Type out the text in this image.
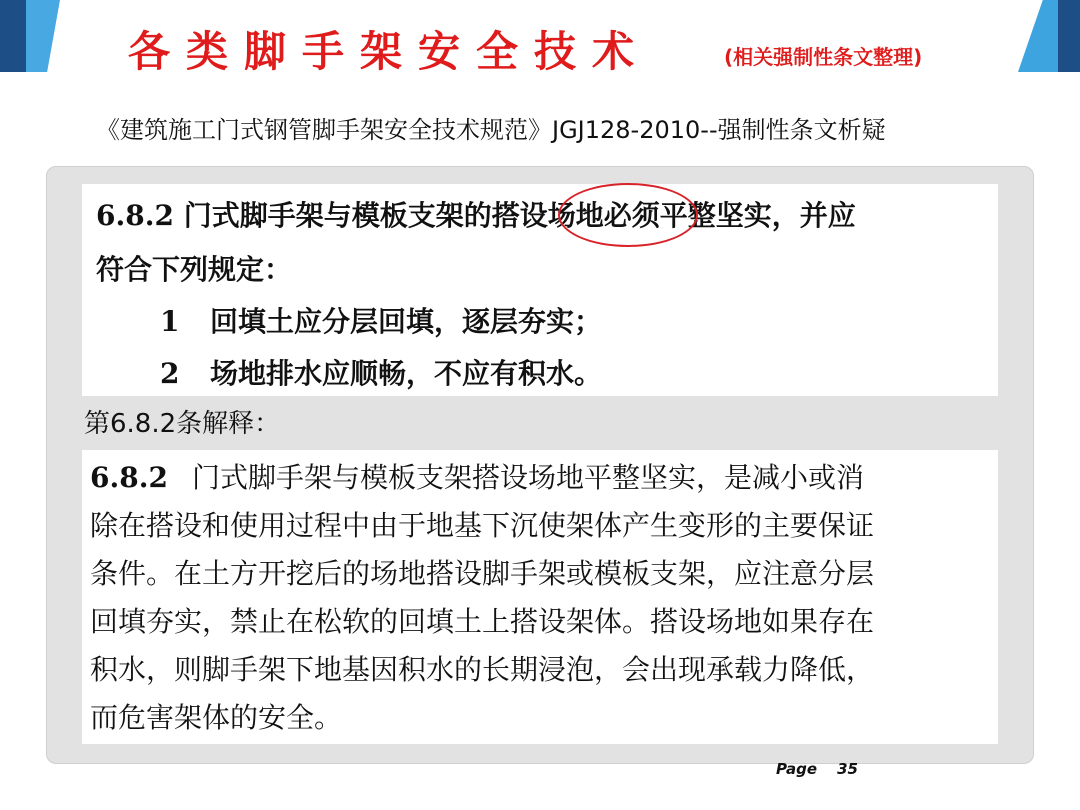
各类脚手架安全技术	(相关强制性条文整理)
《建筑施工门式钢管脚手架安全技术规范》JGJ128-2010--强制性条文析疑
6.8.2 门式脚手架与模板支架的搭设场地必须平整坚实，并应
符合下列规定：
1 回填土应分层回填，逐层夯实；
2 场地排水应顺畅，不应有积水。
第6.8.2条解释：
6.8.2 门式脚手架与模板支架搭设场地平整坚实，是减小或消
除在搭设和使用过程中由于地基下沉使架体产生变形的主要保证
条件。在土方开挖后的场地搭设脚手架或模板支架，应注意分层
回填夯实，禁止在松软的回填土上搭设架体。搭设场地如果存在
积水，则脚手架下地基因积水的长期浸泡，会出现承载力降低，
而危害架体的安全。
Page 35
